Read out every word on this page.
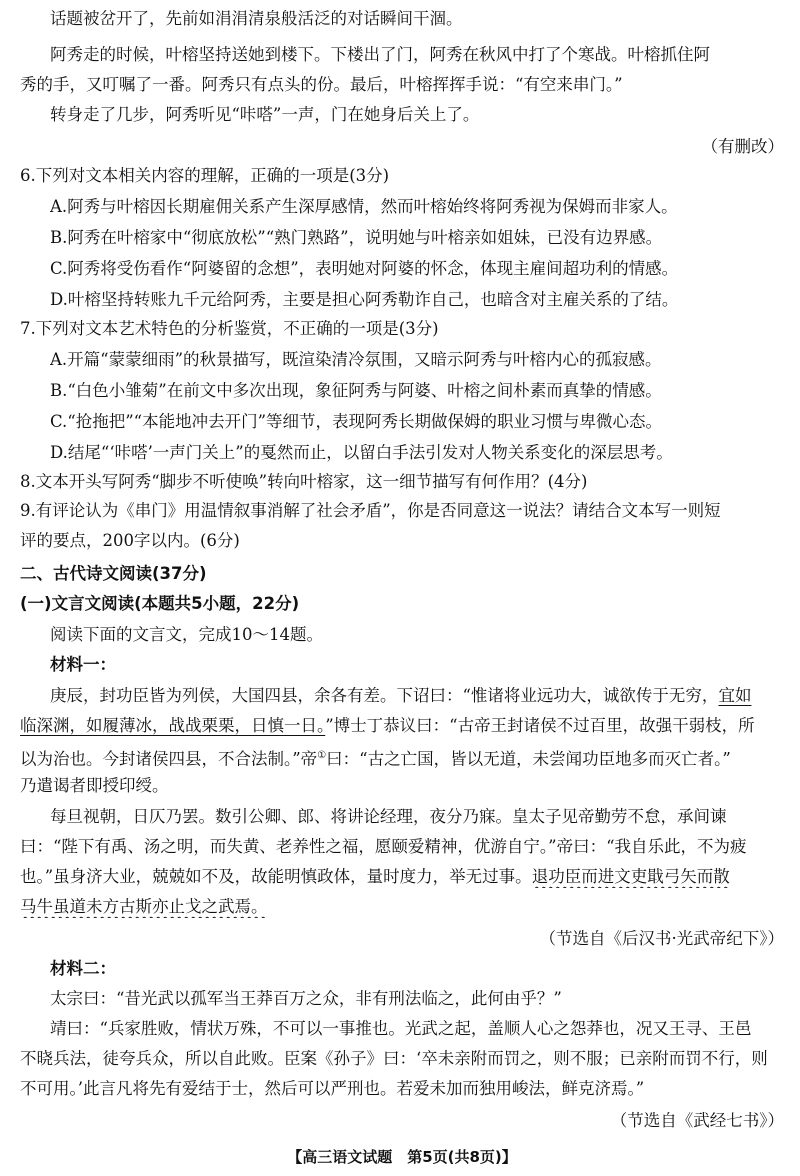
话题被岔开了，先前如涓涓清泉般活泛的对话瞬间干涸。
阿秀走的时候，叶榕坚持送她到楼下。下楼出了门，阿秀在秋风中打了个寒战。叶榕抓住阿
秀的手，又叮嘱了一番。阿秀只有点头的份。最后，叶榕挥挥手说：“有空来串门。”
转身走了几步，阿秀听见“咔嗒”一声，门在她身后关上了。
（有删改）
6.下列对文本相关内容的理解，正确的一项是(3分)
A.阿秀与叶榕因长期雇佣关系产生深厚感情，然而叶榕始终将阿秀视为保姆而非家人。
B.阿秀在叶榕家中“彻底放松”“熟门熟路”，说明她与叶榕亲如姐妹，已没有边界感。
C.阿秀将受伤看作“阿婆留的念想”，表明她对阿婆的怀念，体现主雇间超功利的情感。
D.叶榕坚持转账九千元给阿秀，主要是担心阿秀勒诈自己，也暗含对主雇关系的了结。
7.下列对文本艺术特色的分析鉴赏，不正确的一项是(3分)
A.开篇“蒙蒙细雨”的秋景描写，既渲染清冷氛围，又暗示阿秀与叶榕内心的孤寂感。
B.“白色小雏菊”在前文中多次出现，象征阿秀与阿婆、叶榕之间朴素而真挚的情感。
C.“抢拖把”“本能地冲去开门”等细节，表现阿秀长期做保姆的职业习惯与卑微心态。
D.结尾“‘咔嗒’一声门关上”的戛然而止，以留白手法引发对人物关系变化的深层思考。
8.文本开头写阿秀“脚步不听使唤”转向叶榕家，这一细节描写有何作用？(4分)
9.有评论认为《串门》用温情叙事消解了社会矛盾”，你是否同意这一说法？请结合文本写一则短
评的要点，200字以内。(6分)
二、古代诗文阅读(37分)
(一)文言文阅读(本题共5小题，22分)
阅读下面的文言文，完成10～14题。
材料一：
庚辰，封功臣皆为列侯，大国四县，余各有差。下诏曰：“惟诸将业远功大，诚欲传于无穷，宜如
临深渊，如履薄冰，战战栗栗，日慎一日。”博士丁恭议曰：“古帝王封诸侯不过百里，故强干弱枝，所
以为治也。今封诸侯四县，不合法制。”帝①曰：“古之亡国，皆以无道，未尝闻功臣地多而灭亡者。”
乃遣谒者即授印绶。
每旦视朝，日仄乃罢。数引公卿、郎、将讲论经理，夜分乃寐。皇太子见帝勤劳不怠，承间谏
曰：“陛下有禹、汤之明，而失黄、老养性之福，愿颐爱精神，优游自宁。”帝曰：“我自乐此，不为疲
也。”虽身济大业，兢兢如不及，故能明慎政体，量时度力，举无过事。退功臣而进文吏戢弓矢而散
马牛虽道未方古斯亦止戈之武焉。
（节选自《后汉书·光武帝纪下》）
材料二：
太宗曰：“昔光武以孤军当王莽百万之众，非有刑法临之，此何由乎？”
靖曰：“兵家胜败，情状万殊，不可以一事推也。光武之起，盖顺人心之怨莽也，况又王寻、王邑
不晓兵法，徒夸兵众，所以自此败。臣案《孙子》曰：‘卒未亲附而罚之，则不服；已亲附而罚不行，则
不可用。’此言凡将先有爱结于士，然后可以严刑也。若爱未加而独用峻法，鲜克济焉。”
（节选自《武经七书》）
【高三语文试题　第5页(共8页)】
